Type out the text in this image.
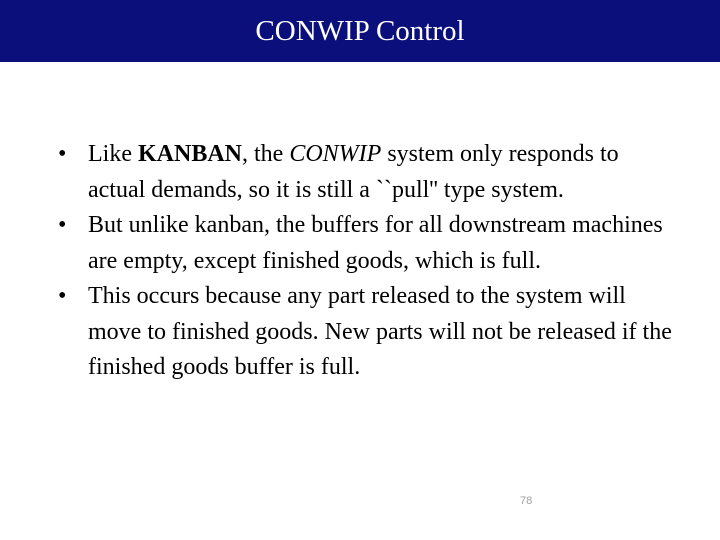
CONWIP Control
• Like KANBAN, the CONWIP system only responds to actual demands, so it is still a ``pull'' type system.
• But unlike kanban, the buffers for all downstream machines are empty, except finished goods, which is full.
• This occurs because any part released to the system will move to finished goods. New parts will not be released if the finished goods buffer is full.
78
